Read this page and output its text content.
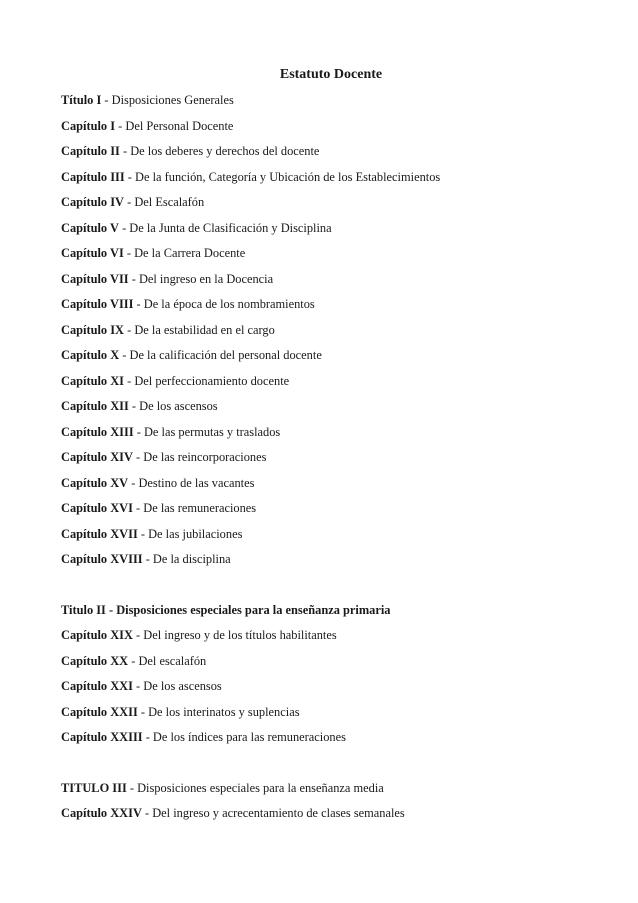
Estatuto Docente
Título I - Disposiciones Generales
Capítulo I - Del Personal Docente
Capítulo II - De los deberes y derechos del docente
Capítulo III - De la función, Categoría y Ubicación de los Establecimientos
Capítulo IV - Del Escalafón
Capítulo V - De la Junta de Clasificación y Disciplina
Capítulo VI - De la Carrera Docente
Capítulo VII - Del ingreso en la Docencia
Capítulo VIII - De la época de los nombramientos
Capítulo IX - De la estabilidad en el cargo
Capítulo X - De la calificación del personal docente
Capítulo XI - Del perfeccionamiento docente
Capítulo XII - De los ascensos
Capítulo XIII - De las permutas y traslados
Capítulo XIV - De las reincorporaciones
Capítulo XV - Destino de las vacantes
Capítulo XVI - De las remuneraciones
Capítulo XVII - De las jubilaciones
Capítulo XVIII - De la disciplina
Titulo II - Disposiciones especiales para la enseñanza primaria
Capítulo XIX - Del ingreso y de los títulos habilitantes
Capítulo XX - Del escalafón
Capítulo XXI - De los ascensos
Capítulo XXII - De los interinatos y suplencias
Capítulo XXIII - De los índices para las remuneraciones
TITULO III - Disposiciones especiales para la enseñanza media
Capítulo XXIV - Del ingreso y acrecentamiento de clases semanales
